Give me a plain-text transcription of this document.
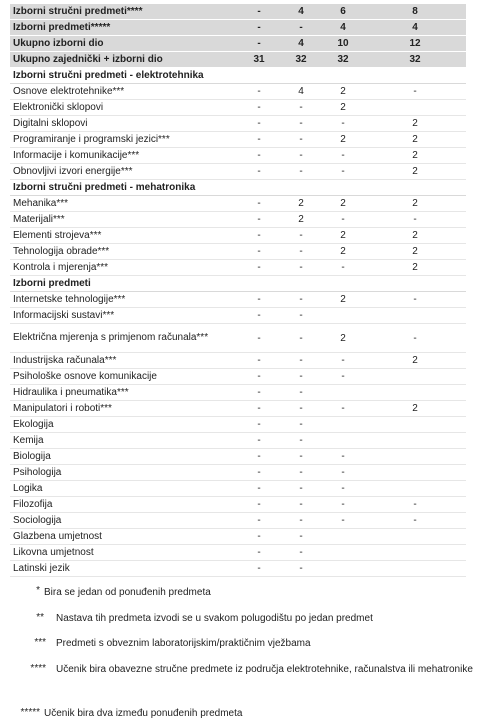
Izborni stručni predmeti****	-	4	6	8
Izborni predmeti*****	-	-	4	4
Ukupno izborni dio	-	4	10	12
Ukupno zajednički + izborni dio	31	32	32	32
Izborni stručni predmeti - elektrotehnika				
Osnove elektrotehnike***	-	4	2	-
Elektronički sklopovi	-	-	2	
Digitalni sklopovi	-	-	-	2
Programiranje i programski jezici***	-	-	2	2
Informacije i komunikacije***	-	-	-	2
Obnovljivi izvori energije***	-	-	-	2
Izborni stručni predmeti - mehatronika				
Mehanika***	-	2	2	2
Materijali***	-	2	-	-
Elementi strojeva***	-	-	2	2
Tehnologija obrade***	-	-	2	2
Kontrola i mjerenja***	-	-	-	2
Izborni predmeti				
Internetske tehnologije***	-	-	2	-
Informacijski sustavi***	-	-		
Električna mjerenja s primjenom računala***	-	-	2	-
Industrijska računala***	-	-	-	2
Psihološke osnove komunikacije	-	-	-	
Hidraulika i pneumatika***	-	-		
Manipulatori i roboti***	-	-	-	2
Ekologija	-	-		
Kemija	-	-		
Biologija	-	-	-	
Psihologija	-	-	-	
Logika	-	-	-	
Filozofija	-	-	-	-
Sociologija	-	-	-	-
Glazbena umjetnost	-	-		
Likovna umjetnost	-	-		
Latinski jezik	-	-		
* Bira se jedan od ponuđenih predmeta
** Nastava tih predmeta izvodi se u svakom polugodištu po jedan predmet
*** Predmeti s obveznim laboratorijskim/praktičnim vježbama
**** Učenik bira obavezne stručne predmete iz područja elektrotehnike, računalstva ili mehatronike
***** Učenik bira dva između ponuđenih predmeta
